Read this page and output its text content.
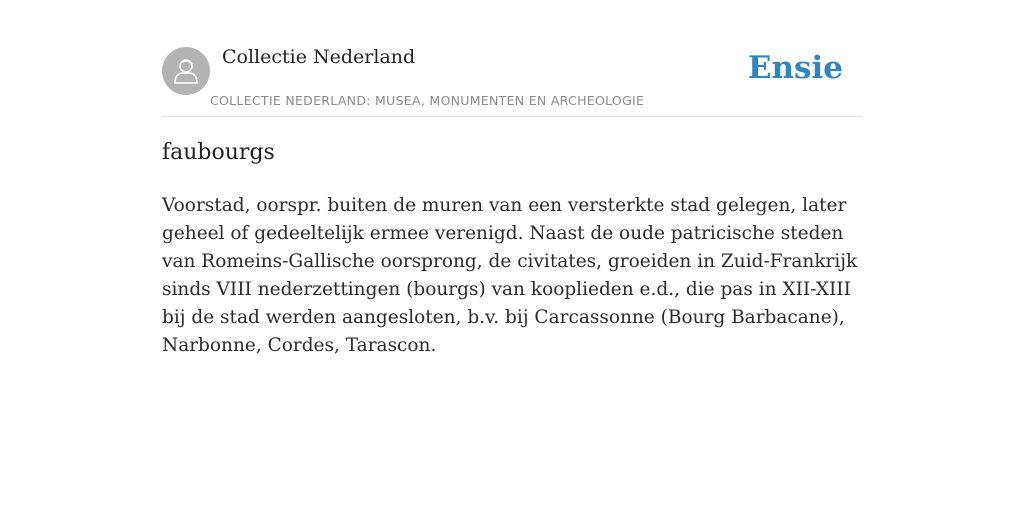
Collectie Nederland
COLLECTIE NEDERLAND: MUSEA, MONUMENTEN EN ARCHEOLOGIE
Ensie
faubourgs

Voorstad, oorspr. buiten de muren van een versterkte stad gelegen, later geheel of gedeeltelijk ermee verenigd. Naast de oude patricische steden van Romeins-Gallische oorsprong, de civitates, groeiden in Zuid-Frankrijk sinds VIII nederzettingen (bourgs) van kooplieden e.d., die pas in XII-XIII bij de stad werden aangesloten, b.v. bij Carcassonne (Bourg Barbacane), Narbonne, Cordes, Tarascon.
